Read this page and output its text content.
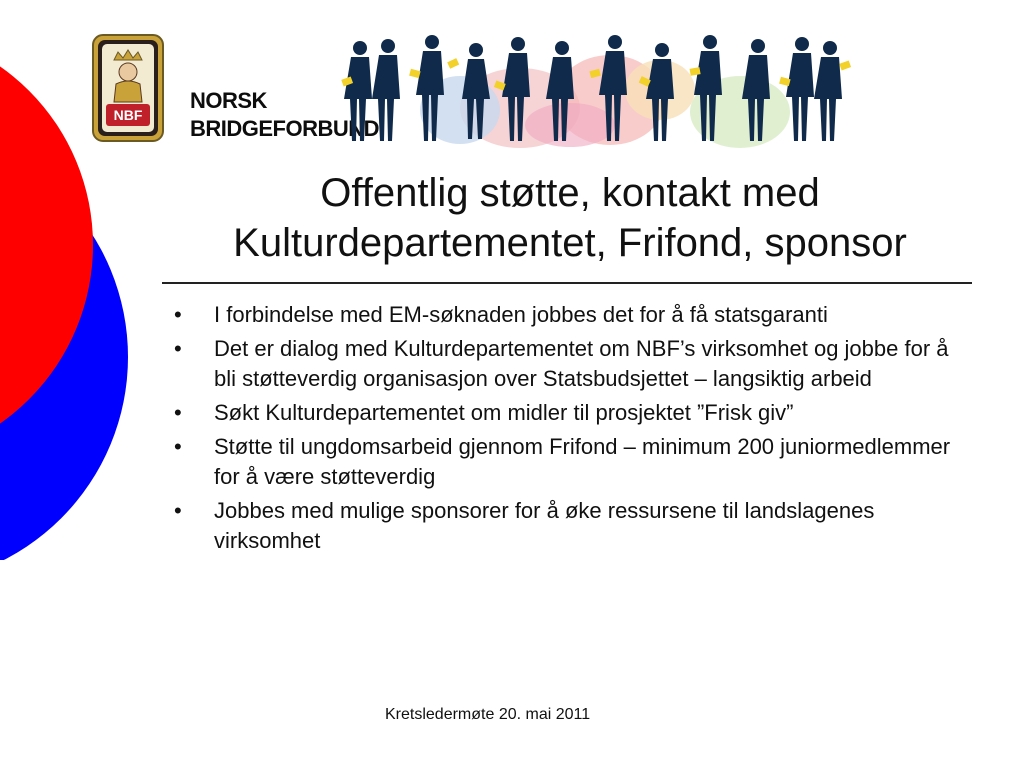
NBF
NORSK
BRIDGEFORBUND
Offentlig støtte, kontakt med Kulturdepartementet, Frifond, sponsor
• I forbindelse med EM-søknaden jobbes det for å få statsgaranti
• Det er dialog med Kulturdepartementet om NBF’s virksomhet og jobbe for å bli støtteverdig organisasjon over Statsbudsjettet – langsiktig arbeid
• Søkt Kulturdepartementet om midler til prosjektet ”Frisk giv”
• Støtte til ungdomsarbeid gjennom Frifond – minimum 200 juniormedlemmer for å være støtteverdig
• Jobbes med mulige sponsorer for å øke ressursene til landslagenes virksomhet
Kretsledermøte 20. mai 2011
